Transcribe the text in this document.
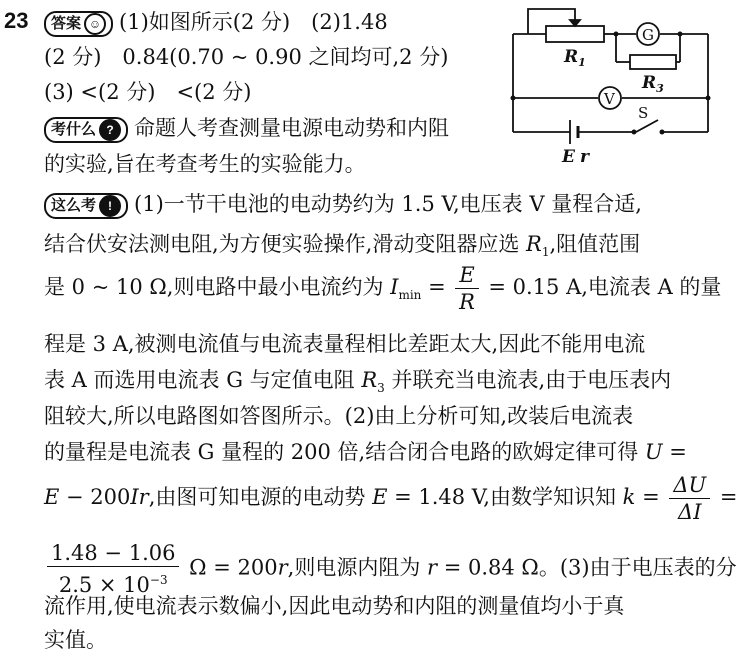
23	答案 ☺ (1)如图所示(2 分)　(2)1.48
(2 分)　0.84(0.70 ~ 0.90 之间均可,2 分)
(3) <(2 分)　<(2 分)
考什么 ? 命题人考查测量电源电动势和内阻
的实验,旨在考查考生的实验能力。
这么考 ! (1)一节干电池的电动势约为 1.5 V,电压表 V 量程合适,
结合伏安法测电阻,为方便实验操作,滑动变阻器应选 $R_1$,阻值范围
是 0 ~ 10 Ω,则电路中最小电流约为 $I_{min} = \frac{E}{R} = 0.15$ A,电流表 A 的量
程是 3 A,被测电流值与电流表量程相比差距太大,因此不能用电流
表 A 而选用电流表 G 与定值电阻 $R_3$ 并联充当电流表,由于电压表内
阻较大,所以电路图如答图所示。(2)由上分析可知,改装后电流表
的量程是电流表 G 量程的 200 倍,结合闭合电路的欧姆定律可得 U =
E − 200Ir,由图可知电源的电动势 E = 1.48 V,由数学知识知 $k = \frac{\Delta U}{\Delta I}$ =
$\frac{1.48 - 1.06}{2.5 \times 10^{-3}}$ Ω = 200r,则电源内阻为 r = 0.84 Ω。(3)由于电压表的分
流作用,使电流表示数偏小,因此电动势和内阻的测量值均小于真
实值。
$R_1$
$R_3$
G
V
S
E r
